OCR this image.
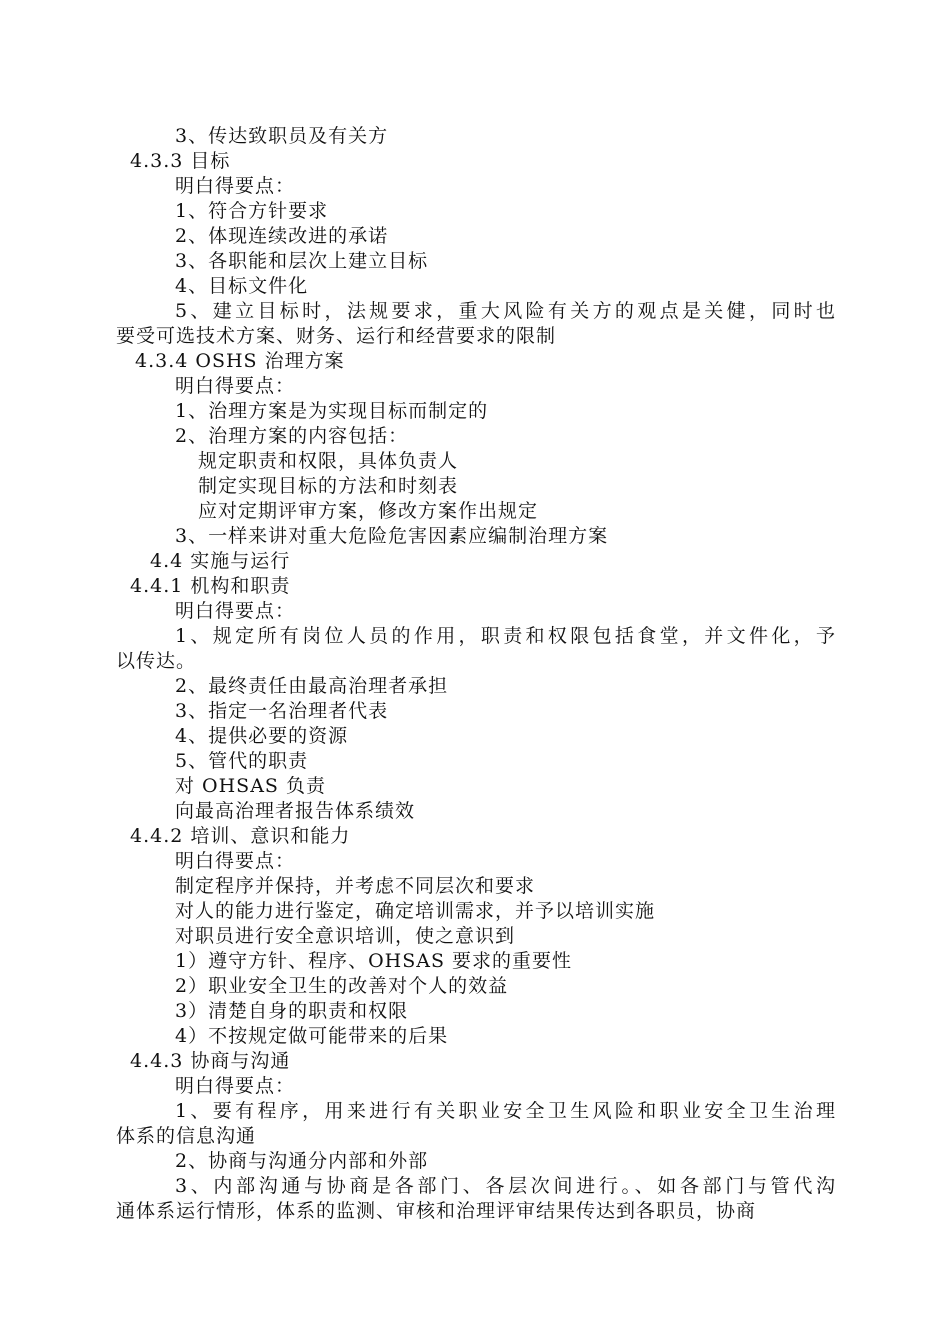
3、传达致职员及有关方
4.3.3 目标
明白得要点：
1、符合方针要求
2、体现连续改进的承诺
3、各职能和层次上建立目标
4、目标文件化
5、建立目标时，法规要求，重大风险有关方的观点是关健，同时也
要受可选技术方案、财务、运行和经营要求的限制
4.3.4 OSHS 治理方案
明白得要点：
1、治理方案是为实现目标而制定的
2、治理方案的内容包括：
规定职责和权限，具体负责人
制定实现目标的方法和时刻表
应对定期评审方案，修改方案作出规定
3、一样来讲对重大危险危害因素应编制治理方案
4.4 实施与运行
4.4.1 机构和职责
明白得要点：
1、规定所有岗位人员的作用，职责和权限包括食堂，并文件化，予
以传达。
2、最终责任由最高治理者承担
3、指定一名治理者代表
4、提供必要的资源
5、管代的职责
对 OHSAS 负责
向最高治理者报告体系绩效
4.4.2 培训、意识和能力
明白得要点：
制定程序并保持，并考虑不同层次和要求
对人的能力进行鉴定，确定培训需求，并予以培训实施
对职员进行安全意识培训，使之意识到
1）遵守方针、程序、OHSAS 要求的重要性
2）职业安全卫生的改善对个人的效益
3）清楚自身的职责和权限
4）不按规定做可能带来的后果
4.4.3 协商与沟通
明白得要点：
1、要有程序，用来进行有关职业安全卫生风险和职业安全卫生治理
体系的信息沟通
2、协商与沟通分内部和外部
3、内部沟通与协商是各部门、各层次间进行。、如各部门与管代沟
通体系运行情形，体系的监测、审核和治理评审结果传达到各职员，协商
